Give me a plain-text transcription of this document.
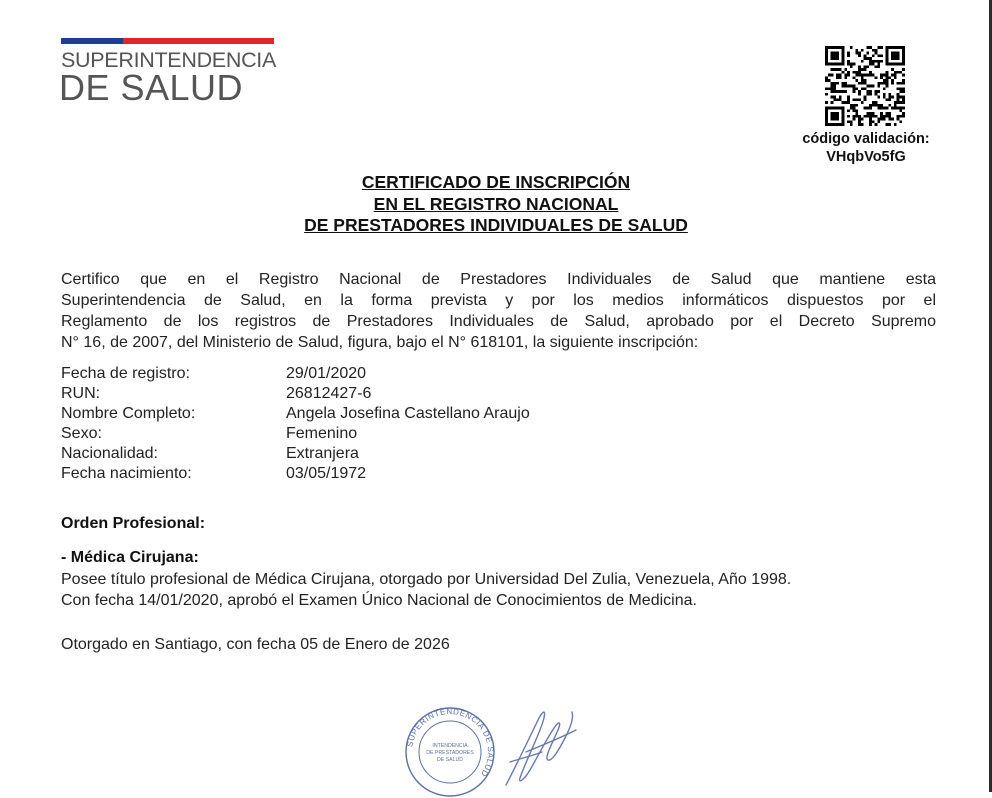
SUPERINTENDENCIA
DE SALUD
código validación:
VHqbVo5fG
CERTIFICADO DE INSCRIPCIÓN
EN EL REGISTRO NACIONAL
DE PRESTADORES INDIVIDUALES DE SALUD
Certifico que en el Registro Nacional de Prestadores Individuales de Salud que mantiene esta
Superintendencia de Salud, en la forma prevista y por los medios informáticos dispuestos por el
Reglamento de los registros de Prestadores Individuales de Salud, aprobado por el Decreto Supremo
N° 16, de 2007, del Ministerio de Salud, figura, bajo el N° 618101, la siguiente inscripción:
Fecha de registro:	29/01/2020
RUN:	26812427-6
Nombre Completo:	Angela Josefina Castellano Araujo
Sexo:	Femenino
Nacionalidad:	Extranjera
Fecha nacimiento:	03/05/1972
Orden Profesional:
- Médica Cirujana:
Posee título profesional de Médica Cirujana, otorgado por Universidad Del Zulia, Venezuela, Año 1998.
Con fecha 14/01/2020, aprobó el Examen Único Nacional de Conocimientos de Medicina.
Otorgado en Santiago, con fecha 05 de Enero de 2026
SUPERINTENDENCIA DE SALUD
INTENDENCIA
DE PRESTADORES
DE SALUD
